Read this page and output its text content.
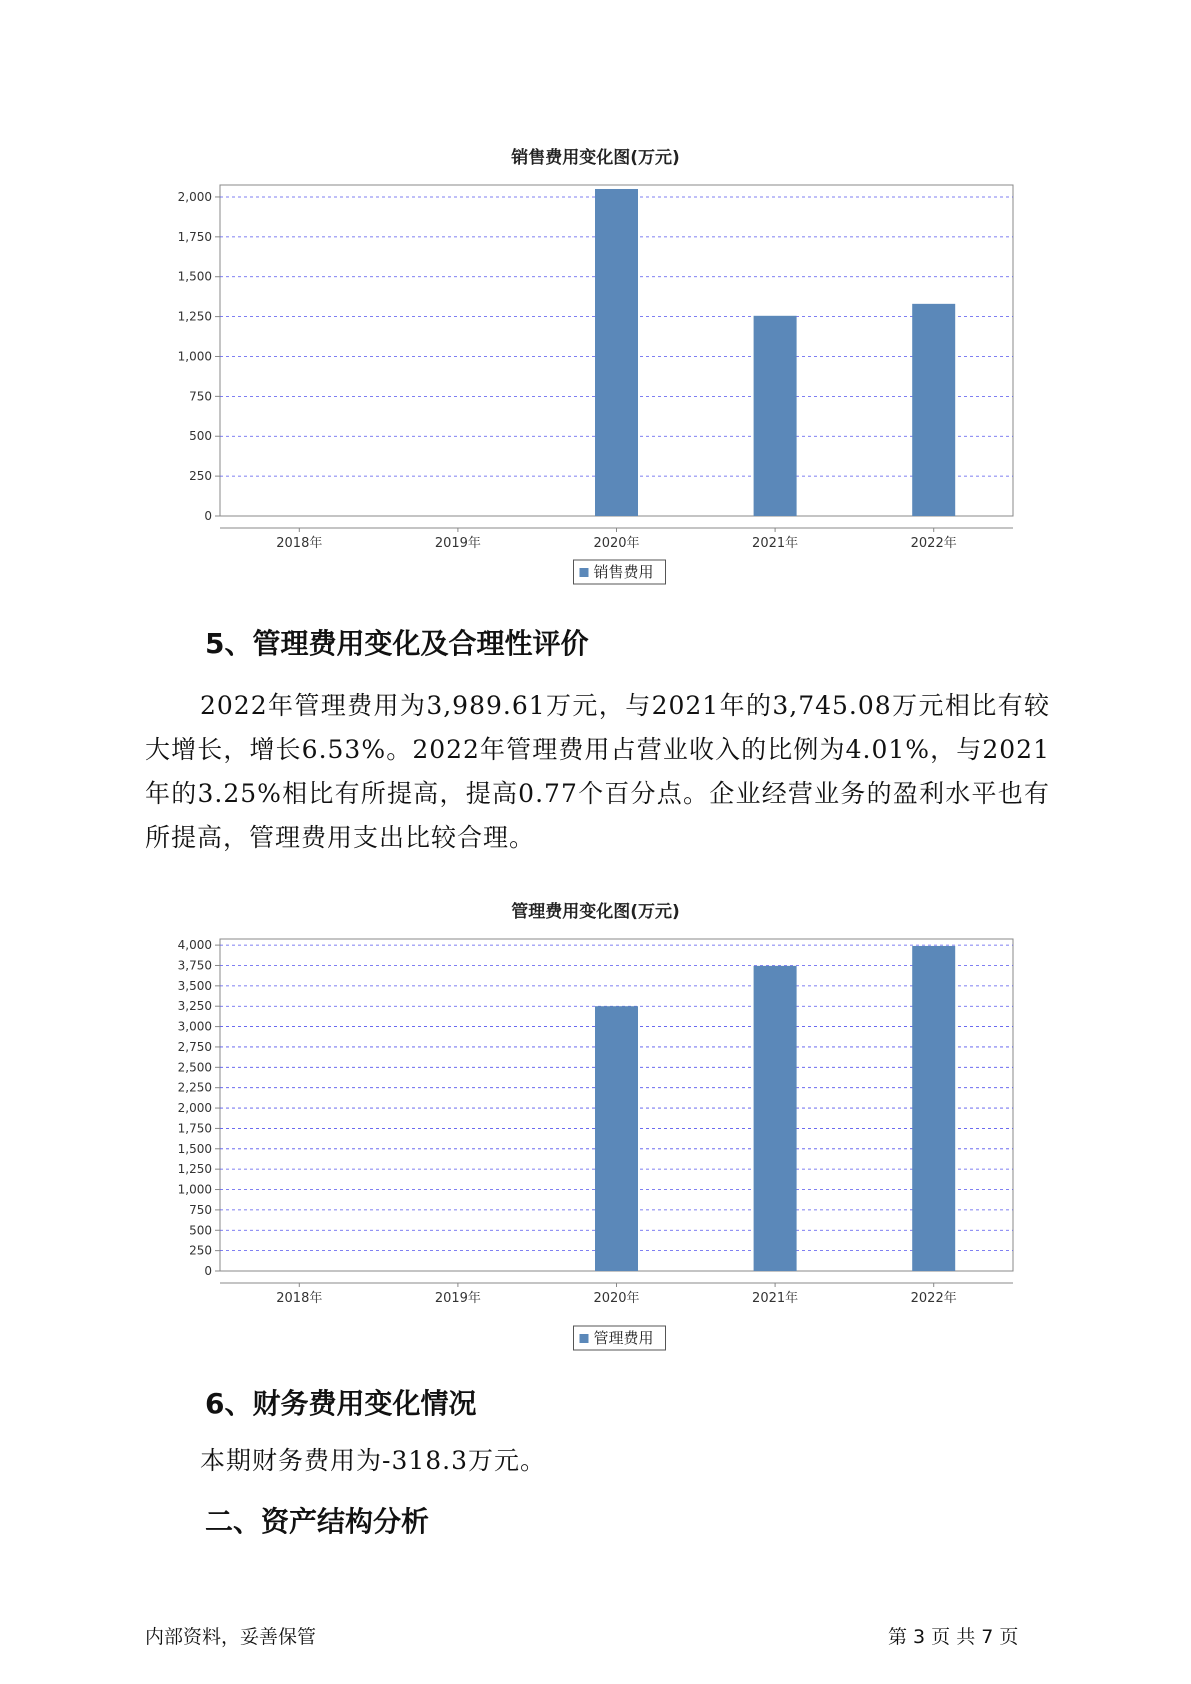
销售费用变化图(万元)
0
250
500
750
1,000
1,250
1,500
1,750
2,000
2018年	2019年	2020年	2021年	2022年
销售费用
5、管理费用变化及合理性评价

2022年管理费用为3,989.61万元，与2021年的3,745.08万元相比有较大增长，增长6.53%。2022年管理费用占营业收入的比例为4.01%，与2021年的3.25%相比有所提高，提高0.77个百分点。企业经营业务的盈利水平也有所提高，管理费用支出比较合理。

管理费用变化图(万元)
0
250
500
750
1,000
1,250
1,500
1,750
2,000
2,250
2,500
2,750
3,000
3,250
3,500
3,750
4,000
2018年	2019年	2020年	2021年	2022年
管理费用
6、财务费用变化情况

本期财务费用为-318.3万元。

二、资产结构分析
内部资料，妥善保管	第 3 页 共 7 页
